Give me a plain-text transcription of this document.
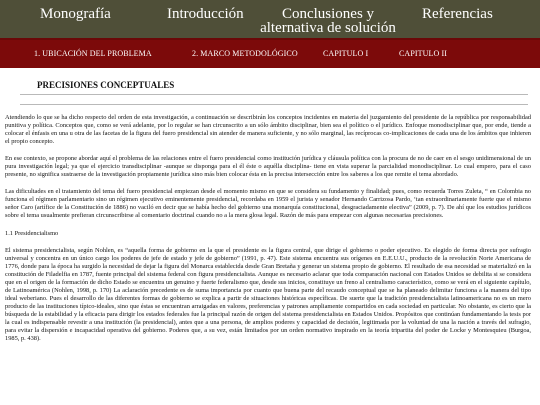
Monografía	Introducción	Conclusiones y alternativa de solución
Referencias
1. UBICACIÓN DEL PROBLEMA	2. MARCO METODOLÓGICO	CAPITULO I	CAPITULO II
PRECISIONES CONCEPTUALES

Atendiendo lo que se ha dicho respecto del orden de esta investigación, a continuación se describirán los conceptos incidentes en materia del juzgamiento del presidente de la república por responsabilidad punitiva y política. Conceptos que, como se verá adelante, por lo regular se han circunscrito a un sólo ámbito disciplinar, bien sea el político o el jurídico. Enfoque monodisciplinar que, por ende, tiende a colocar el énfasis en una u otra de las facetas de la figura del fuero presidencial sin atender de manera suficiente, y no sólo marginal, las recíprocas co-implicaciones de cada una de los ámbitos que inhieren el propio concepto.

En ese contexto, se propone abordar aquí el problema de las relaciones entre el fuero presidencial como institución jurídica y cláusula política con la procura de no de caer en el sesgo unidimensional de un pura investigación legal; ya que el ejercicio transdisciplinar -aunque se disponga para el él éste o aquélla disciplina- tiene en vista superar la parcialidad monodisciplinar. Lo cual empero, para el caso presente, no significa sustraerse de la investigación propiamente jurídica sino más bien colocar ésta en la precisa intersección entre los saberes a los que remite el tema abordado.

Las dificultades en el tratamiento del tema del fuero presidencial empiezan desde el momento mismo en que se considera su fundamento y finalidad; pues, como recuerda Torres Zuleta, “ en Colombia no funciona el régimen parlamentario sino un régimen ejecutivo eminentemente presidencial, recordaba en 1959 el jurista y senador Hernando Carrizosa Pardo, ‘tan extraordinariamente fuerte que el mismo señor Caro (artífice de la Constitución de 1886) no vaciló en decir que se había hecho del gobierno una monarquía constitucional, desgraciadamente electiva” (2009, p. 7). De ahí que los estudios jurídicos sobre el tema usualmente prefieran circunscribirse al comentario doctrinal cuando no a la mera glosa legal. Razón de más para empezar con algunas necesarias precisiones.

1.1 Presidencialismo

El sistema presidencialista, según Nohlen, es “aquella forma de gobierno en la que el presidente es la figura central, que dirige el gobierno o poder ejecutivo. Es elegido de forma directa por sufragio universal y concentra en un único cargo los poderes de jefe de estado y jefe de gobierno” (1991, p. 47). Este sistema encuentra sus orígenes en E.E.U.U., producto de la revolución Norte Americana de 1776, donde para la época ha surgido la necesidad de dejar la figura del Monarca establecida desde Gran Bretaña y generar un sistema propio de gobierno. El resultado de esa necesidad se materializó en la constitución de Filadelfia en 1787, fuente principal del sistema federal con figura presidencialista. Aunque es necesario aclarar que toda comparación nacional con Estados Unidos se debilita si se considera que en el origen de la formación de dicho Estado se encuentra un genuino y fuerte federalismo que, desde sus inicios, constituye un freno al centralismo característico, como se verá en el siguiente capítulo, de Latinoamérica (Nohlen, 1998, p. 170) La aclaración precedente es de suma importancia por cuanto que buena parte del recaudo conceptual que se ha planeado delimitar funciona a la manera del tipo ideal weberiano. Pues el desarrollo de las diferentes formas de gobierno se explica a partir de situaciones históricas específicas. De suerte que la tradición presidencialista latinoamericana no es un mero producto de las instituciones típico-ideales, sino que éstas se encuentran arraigadas en valores, preferencias y patrones ampliamente compartidos en cada sociedad en particular. No obstante, es cierto que la búsqueda de la estabilidad y la eficacia para dirigir los estados federales fue la principal razón de origen del sistema presidencialista en Estados Unidos. Propósitos que continúan fundamentando la tesis por la cual es indispensable revestir a una institución (la presidencial), antes que a una persona, de amplios poderes y capacidad de decisión, legitimada por la voluntad de una la nación a través del sufragio, para evitar la dispersión e incapacidad operativa del gobierno. Poderes que, a su vez, están limitados por un orden normativo inspirado en la teoría tripartita del poder de Locke y Montesquieu (Burgoa, 1985, p. 438).
